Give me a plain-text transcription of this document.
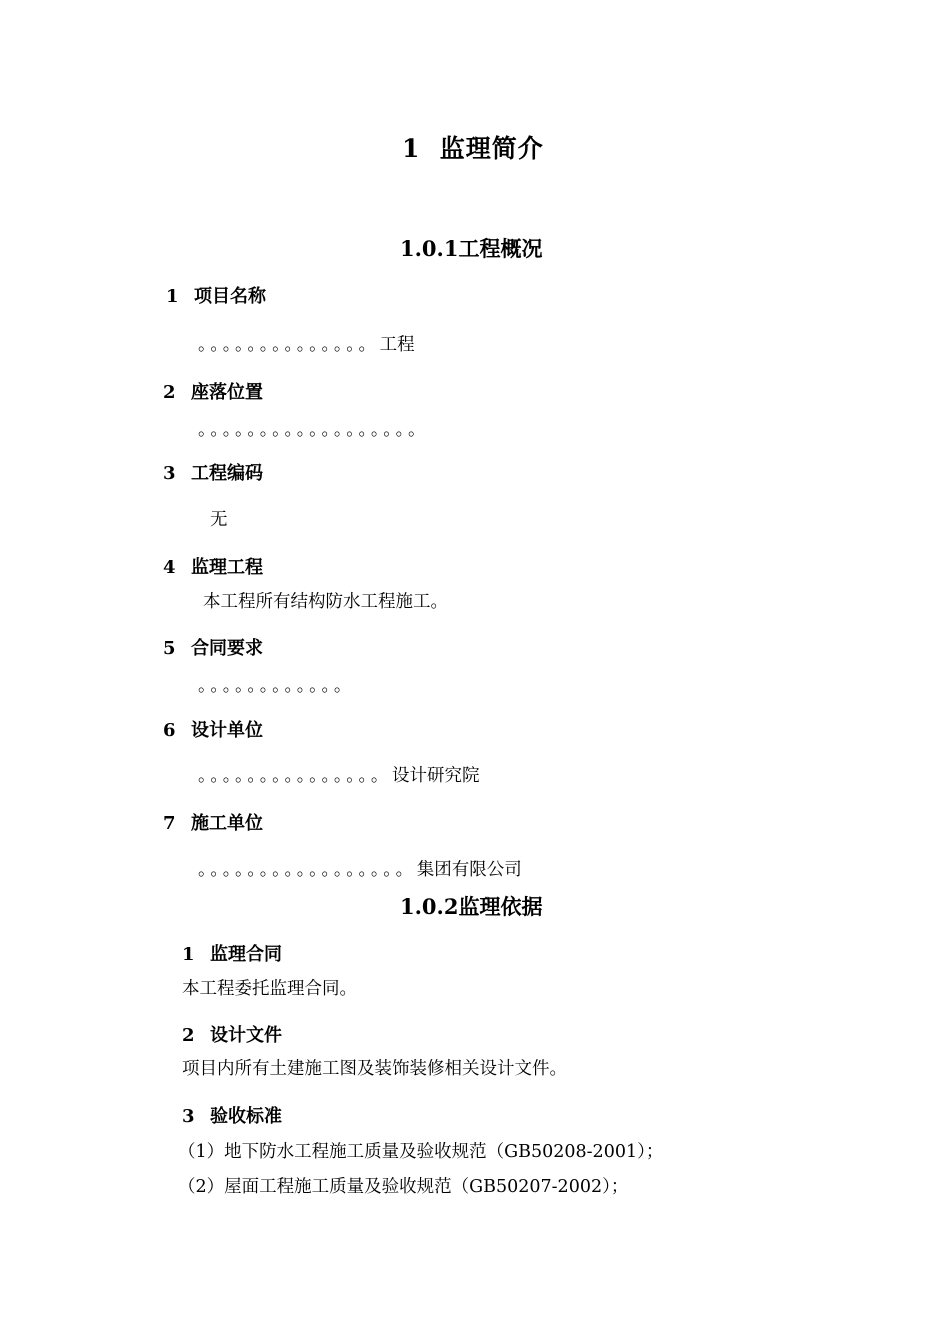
1  监理简介
1.0.1工程概况
1 项目名称
。。。。。。。。。。。。。。工程
2 座落位置
。。。。。。。。。。。。。。。。。。
3 工程编码
无
4 监理工程
本工程所有结构防水工程施工。
5 合同要求
。。。。。。。。。。。。
6 设计单位
。。。。。。。。。。。。。。。设计研究院
7 施工单位
。。。。。。。。。。。。。。。。。集团有限公司
1.0.2监理依据
1 监理合同
本工程委托监理合同。
2 设计文件
项目内所有土建施工图及装饰装修相关设计文件。
3 验收标准
（1）地下防水工程施工质量及验收规范（GB50208-2001）；
（2）屋面工程施工质量及验收规范（GB50207-2002）；
